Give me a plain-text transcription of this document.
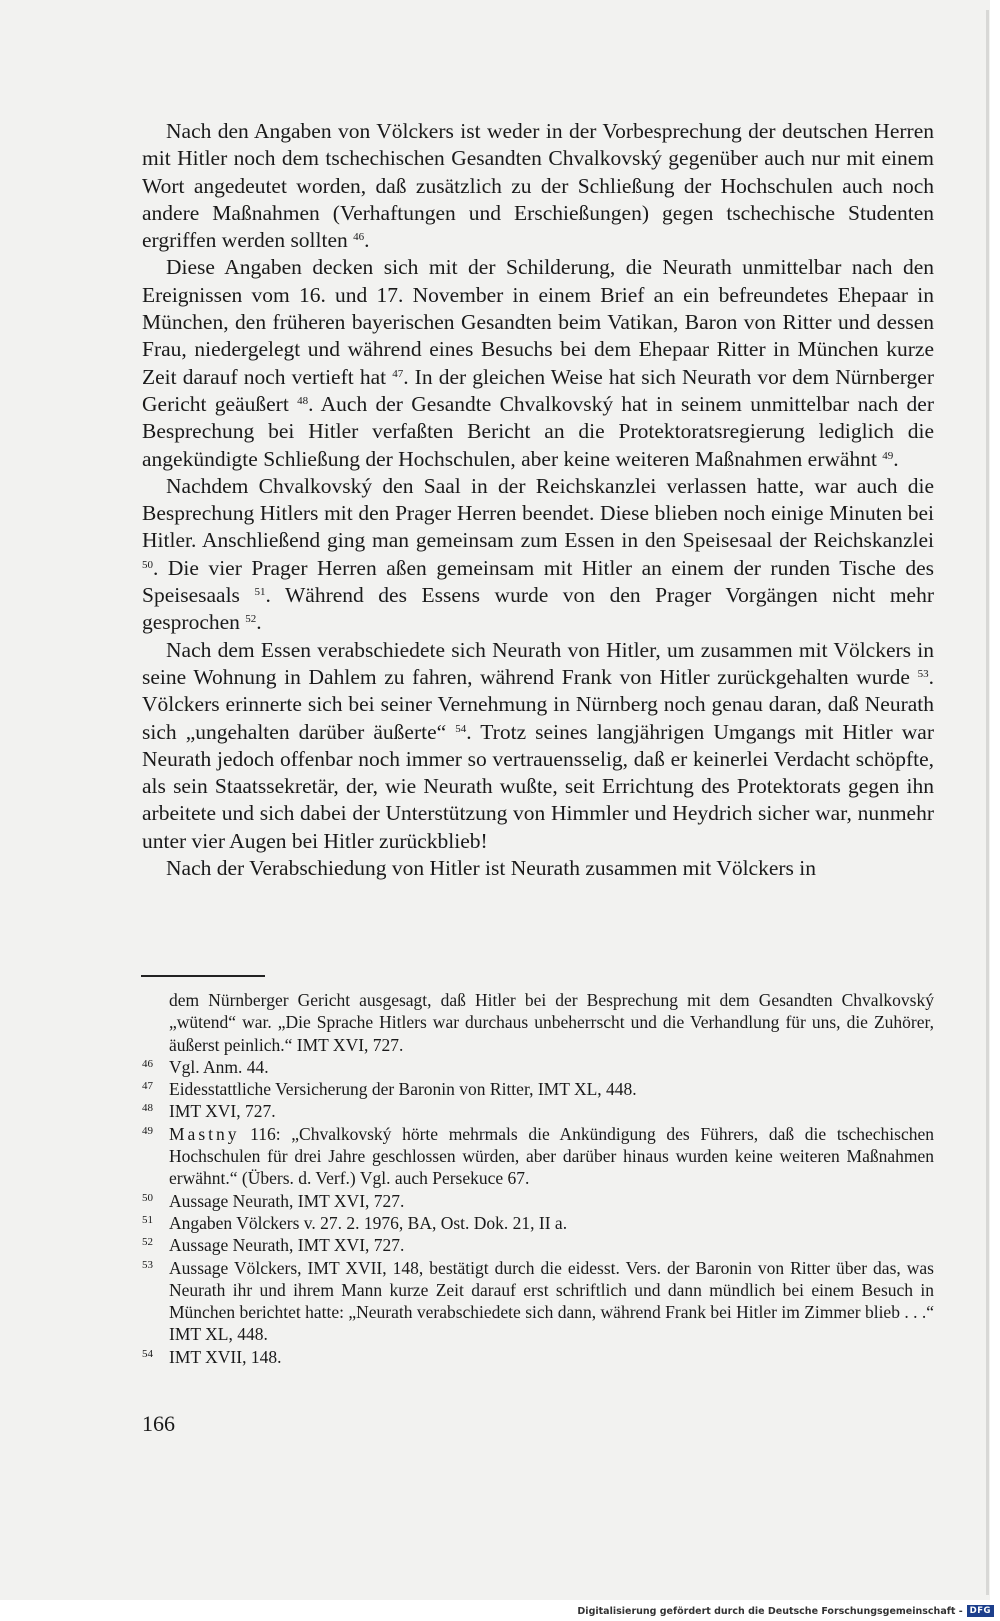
Nach den Angaben von Völckers ist weder in der Vorbesprechung der deutschen Herren mit Hitler noch dem tschechischen Gesandten Chvalkovský gegenüber auch nur mit einem Wort angedeutet worden, daß zusätzlich zu der Schließung der Hochschulen auch noch andere Maßnahmen (Verhaftungen und Erschießungen) gegen tschechische Studenten ergriffen werden sollten $^{46}$.

Diese Angaben decken sich mit der Schilderung, die Neurath unmittelbar nach den Ereignissen vom 16. und 17. November in einem Brief an ein befreundetes Ehepaar in München, den früheren bayerischen Gesandten beim Vatikan, Baron von Ritter und dessen Frau, niedergelegt und während eines Besuchs bei dem Ehepaar Ritter in München kurze Zeit darauf noch vertieft hat $^{47}$. In der gleichen Weise hat sich Neurath vor dem Nürnberger Gericht geäußert $^{48}$. Auch der Gesandte Chvalkovský hat in seinem unmittelbar nach der Besprechung bei Hitler verfaßten Bericht an die Protektoratsregierung lediglich die angekündigte Schließung der Hochschulen, aber keine weiteren Maßnahmen erwähnt $^{49}$.

Nachdem Chvalkovský den Saal in der Reichskanzlei verlassen hatte, war auch die Besprechung Hitlers mit den Prager Herren beendet. Diese blieben noch einige Minuten bei Hitler. Anschließend ging man gemeinsam zum Essen in den Speisesaal der Reichskanzlei $^{50}$. Die vier Prager Herren aßen gemeinsam mit Hitler an einem der runden Tische des Speisesaals $^{51}$. Während des Essens wurde von den Prager Vorgängen nicht mehr gesprochen $^{52}$.

Nach dem Essen verabschiedete sich Neurath von Hitler, um zusammen mit Völckers in seine Wohnung in Dahlem zu fahren, während Frank von Hitler zurückgehalten wurde $^{53}$. Völckers erinnerte sich bei seiner Vernehmung in Nürnberg noch genau daran, daß Neurath sich „ungehalten darüber äußerte“ $^{54}$. Trotz seines langjährigen Umgangs mit Hitler war Neurath jedoch offenbar noch immer so vertrauensselig, daß er keinerlei Verdacht schöpfte, als sein Staatssekretär, der, wie Neurath wußte, seit Errichtung des Protektorats gegen ihn arbeitete und sich dabei der Unterstützung von Himmler und Heydrich sicher war, nunmehr unter vier Augen bei Hitler zurückblieb!

Nach der Verabschiedung von Hitler ist Neurath zusammen mit Völckers in

dem Nürnberger Gericht ausgesagt, daß Hitler bei der Besprechung mit dem Gesandten Chvalkovský „wütend“ war. „Die Sprache Hitlers war durchaus unbeherrscht und die Verhandlung für uns, die Zuhörer, äußerst peinlich.“ IMT XVI, 727.
46 Vgl. Anm. 44.
47 Eidesstattliche Versicherung der Baronin von Ritter, IMT XL, 448.
48 IMT XVI, 727.
49 Mastny 116: „Chvalkovský hörte mehrmals die Ankündigung des Führers, daß die tschechischen Hochschulen für drei Jahre geschlossen würden, aber darüber hinaus wurden keine weiteren Maßnahmen erwähnt.“ (Übers. d. Verf.) Vgl. auch Persekuce 67.
50 Aussage Neurath, IMT XVI, 727.
51 Angaben Völckers v. 27. 2. 1976, BA, Ost. Dok. 21, II a.
52 Aussage Neurath, IMT XVI, 727.
53 Aussage Völckers, IMT XVII, 148, bestätigt durch die eidesst. Vers. der Baronin von Ritter über das, was Neurath ihr und ihrem Mann kurze Zeit darauf erst schriftlich und dann mündlich bei einem Besuch in München berichtet hatte: „Neurath verabschiedete sich dann, während Frank bei Hitler im Zimmer blieb . . .“ IMT XL, 448.
54 IMT XVII, 148.
166
Digitalisierung gefördert durch die Deutsche Forschungsgemeinschaft - DFG
